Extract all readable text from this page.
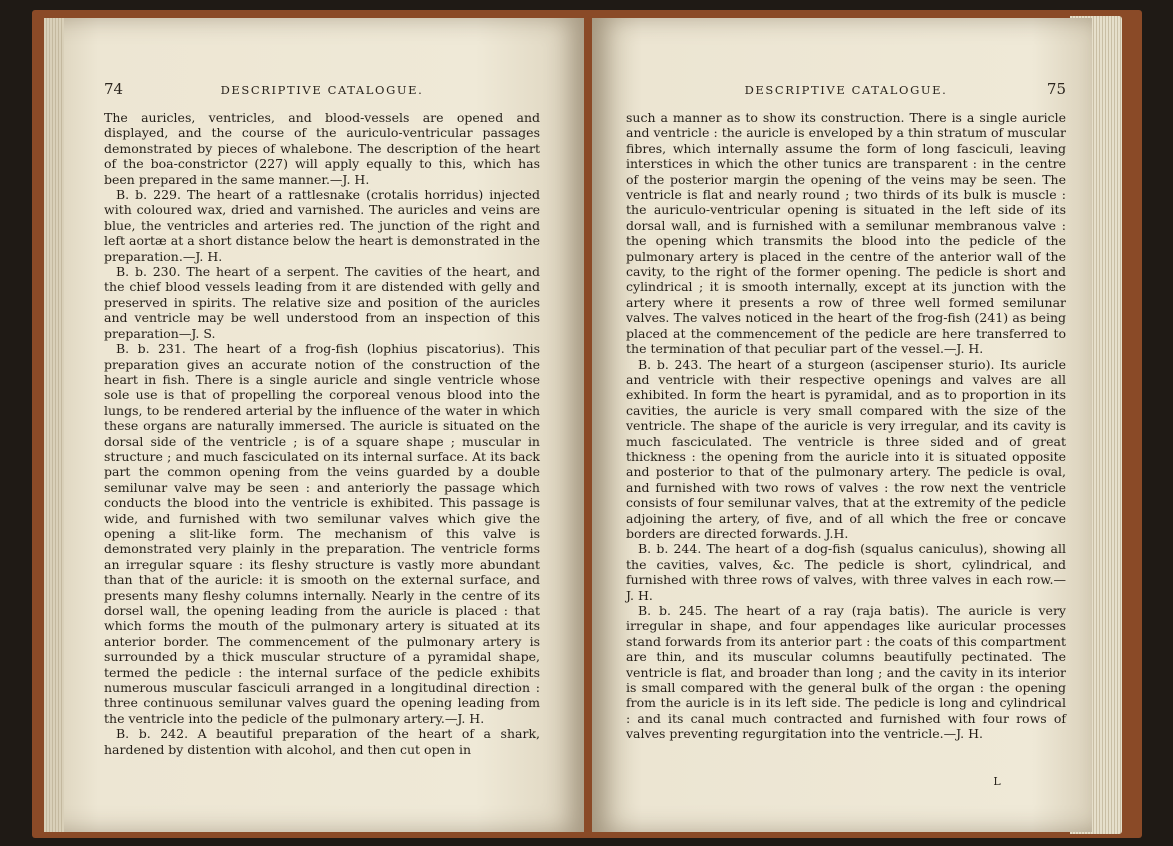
74	DESCRIPTIVE CATALOGUE.

The auricles, ventricles, and blood-vessels are opened and displayed, and the course of the auriculo-ventricular passages demonstrated by pieces of whalebone. The description of the heart of the boa-constrictor (227) will apply equally to this, which has been prepared in the same manner.—J. H.

B. b. 229. The heart of a rattlesnake (crotalis horridus) injected with coloured wax, dried and varnished. The auricles and veins are blue, the ventricles and arteries red. The junction of the right and left aortæ at a short distance below the heart is demonstrated in the preparation.—J. H.

B. b. 230. The heart of a serpent. The cavities of the heart, and the chief blood vessels leading from it are distended with gelly and preserved in spirits. The relative size and position of the auricles and ventricle may be well understood from an inspection of this preparation—J. S.

B. b. 231. The heart of a frog-fish (lophius piscatorius). This preparation gives an accurate notion of the construction of the heart in fish. There is a single auricle and single ventricle whose sole use is that of propelling the corporeal venous blood into the lungs, to be rendered arterial by the influence of the water in which these organs are naturally immersed. The auricle is situated on the dorsal side of the ventricle ; is of a square shape ; muscular in structure ; and much fasciculated on its internal surface. At its back part the common opening from the veins guarded by a double semilunar valve may be seen : and anteriorly the passage which conducts the blood into the ventricle is exhibited. This passage is wide, and furnished with two semilunar valves which give the opening a slit-like form. The mechanism of this valve is demonstrated very plainly in the preparation. The ventricle forms an irregular square : its fleshy structure is vastly more abundant than that of the auricle: it is smooth on the external surface, and presents many fleshy columns internally. Nearly in the centre of its dorsel wall, the opening leading from the auricle is placed : that which forms the mouth of the pulmonary artery is situated at its anterior border. The commencement of the pulmonary artery is surrounded by a thick muscular structure of a pyramidal shape, termed the pedicle : the internal surface of the pedicle exhibits numerous muscular fasciculi arranged in a longitudinal direction : three continuous semilunar valves guard the opening leading from the ventricle into the pedicle of the pulmonary artery.—J. H.

B. b. 242. A beautiful preparation of the heart of a shark, hardened by distention with alcohol, and then cut open in

DESCRIPTIVE CATALOGUE.	75

such a manner as to show its construction. There is a single auricle and ventricle : the auricle is enveloped by a thin stratum of muscular fibres, which internally assume the form of long fasciculi, leaving interstices in which the other tunics are transparent : in the centre of the posterior margin the opening of the veins may be seen. The ventricle is flat and nearly round ; two thirds of its bulk is muscle : the auriculo-ventricular opening is situated in the left side of its dorsal wall, and is furnished with a semilunar membranous valve : the opening which transmits the blood into the pedicle of the pulmonary artery is placed in the centre of the anterior wall of the cavity, to the right of the former opening. The pedicle is short and cylindrical ; it is smooth internally, except at its junction with the artery where it presents a row of three well formed semilunar valves. The valves noticed in the heart of the frog-fish (241) as being placed at the commencement of the pedicle are here transferred to the termination of that peculiar part of the vessel.—J. H.

B. b. 243. The heart of a sturgeon (ascipenser sturio). Its auricle and ventricle with their respective openings and valves are all exhibited. In form the heart is pyramidal, and as to proportion in its cavities, the auricle is very small compared with the size of the ventricle. The shape of the auricle is very irregular, and its cavity is much fasciculated. The ventricle is three sided and of great thickness : the opening from the auricle into it is situated opposite and posterior to that of the pulmonary artery. The pedicle is oval, and furnished with two rows of valves : the row next the ventricle consists of four semilunar valves, that at the extremity of the pedicle adjoining the artery, of five, and of all which the free or concave borders are directed forwards. J.H.

B. b. 244. The heart of a dog-fish (squalus caniculus), showing all the cavities, valves, &c. The pedicle is short, cylindrical, and furnished with three rows of valves, with three valves in each row.—J. H.

B. b. 245. The heart of a ray (raja batis). The auricle is very irregular in shape, and four appendages like auricular processes stand forwards from its anterior part : the coats of this compartment are thin, and its muscular columns beautifully pectinated. The ventricle is flat, and broader than long ; and the cavity in its interior is small compared with the general bulk of the organ : the opening from the auricle is in its left side. The pedicle is long and cylindrical : and its canal much contracted and furnished with four rows of valves preventing regurgitation into the ventricle.—J. H.

L
